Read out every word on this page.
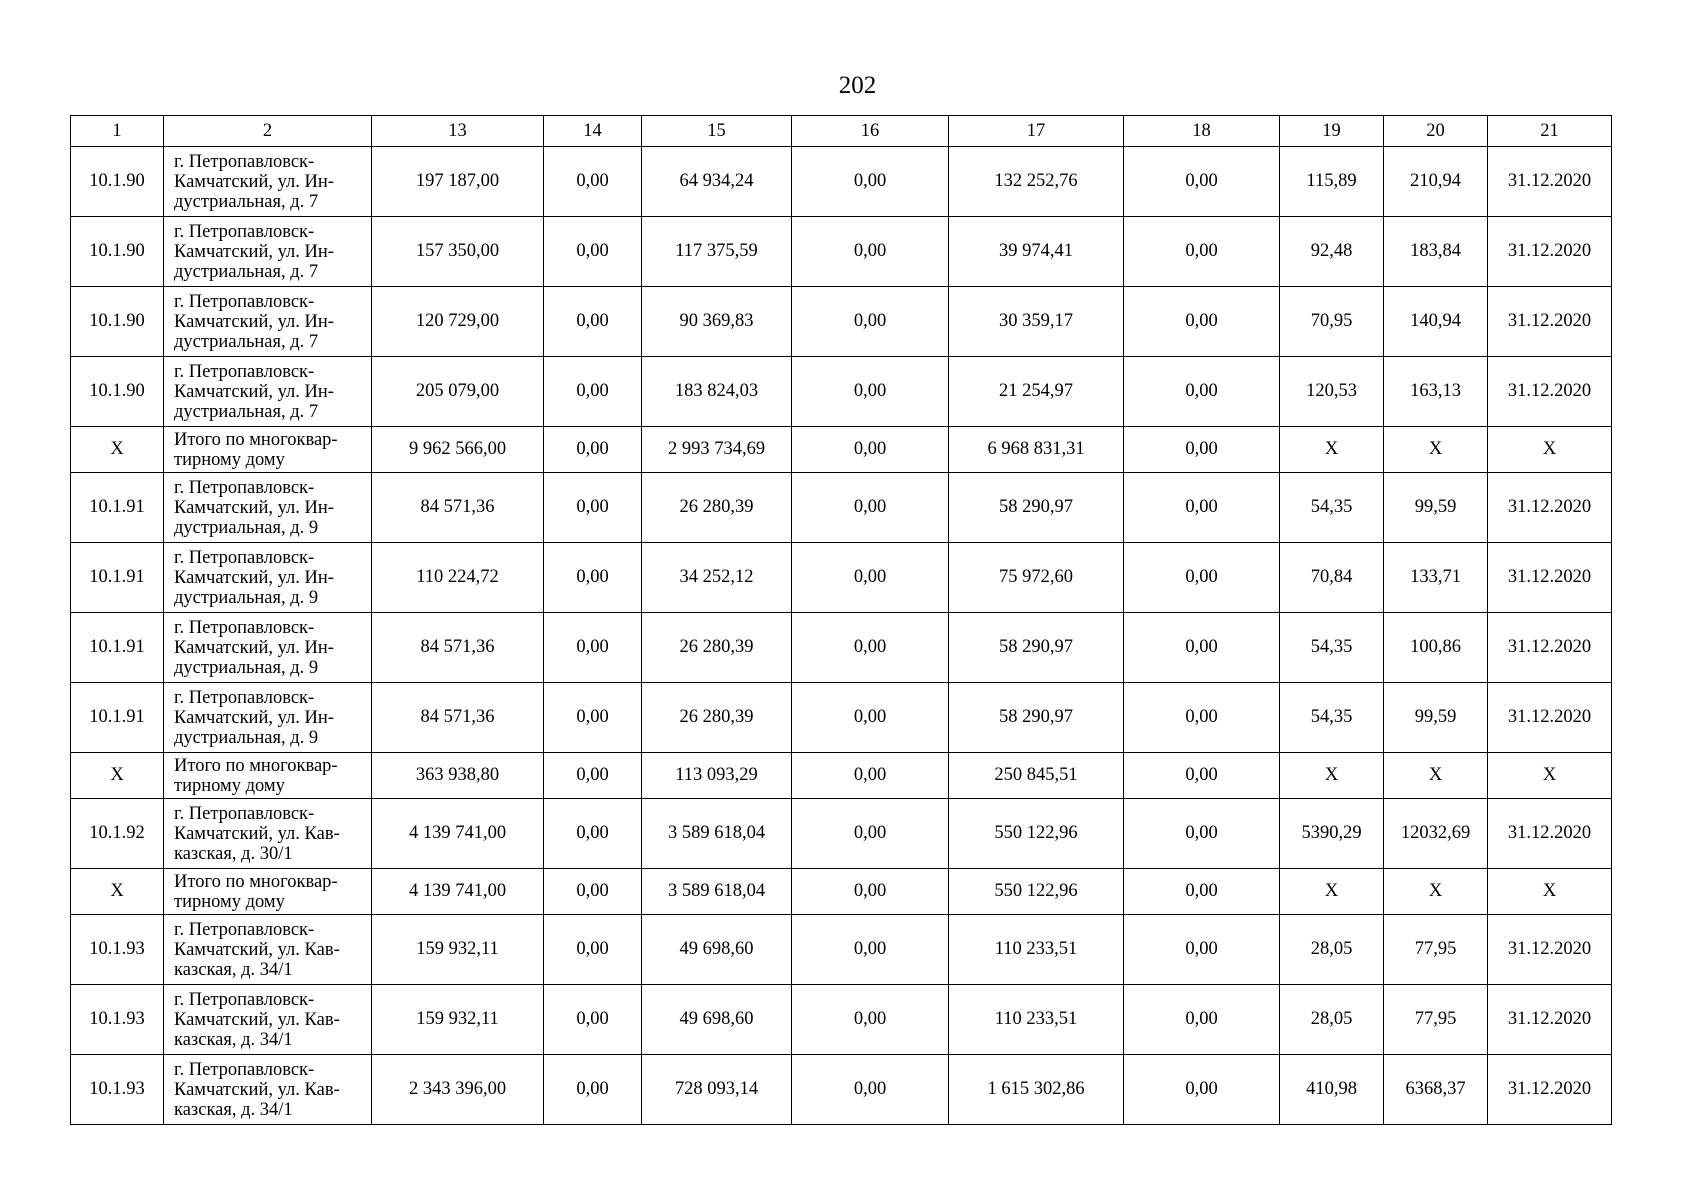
202
1	2	13	14	15	16	17	18	19	20	21
10.1.90	г. Петропавловск-
Камчатский, ул. Ин-
дустриальная, д. 7	197 187,00	0,00	64 934,24	0,00	132 252,76	0,00	115,89	210,94	31.12.2020
10.1.90	г. Петропавловск-
Камчатский, ул. Ин-
дустриальная, д. 7	157 350,00	0,00	117 375,59	0,00	39 974,41	0,00	92,48	183,84	31.12.2020
10.1.90	г. Петропавловск-
Камчатский, ул. Ин-
дустриальная, д. 7	120 729,00	0,00	90 369,83	0,00	30 359,17	0,00	70,95	140,94	31.12.2020
10.1.90	г. Петропавловск-
Камчатский, ул. Ин-
дустриальная, д. 7	205 079,00	0,00	183 824,03	0,00	21 254,97	0,00	120,53	163,13	31.12.2020
Х	Итого по многоквар-
тирному дому	9 962 566,00	0,00	2 993 734,69	0,00	6 968 831,31	0,00	Х	Х	Х
10.1.91	г. Петропавловск-
Камчатский, ул. Ин-
дустриальная, д. 9	84 571,36	0,00	26 280,39	0,00	58 290,97	0,00	54,35	99,59	31.12.2020
10.1.91	г. Петропавловск-
Камчатский, ул. Ин-
дустриальная, д. 9	110 224,72	0,00	34 252,12	0,00	75 972,60	0,00	70,84	133,71	31.12.2020
10.1.91	г. Петропавловск-
Камчатский, ул. Ин-
дустриальная, д. 9	84 571,36	0,00	26 280,39	0,00	58 290,97	0,00	54,35	100,86	31.12.2020
10.1.91	г. Петропавловск-
Камчатский, ул. Ин-
дустриальная, д. 9	84 571,36	0,00	26 280,39	0,00	58 290,97	0,00	54,35	99,59	31.12.2020
Х	Итого по многоквар-
тирному дому	363 938,80	0,00	113 093,29	0,00	250 845,51	0,00	Х	Х	Х
10.1.92	г. Петропавловск-
Камчатский, ул. Кав-
казская, д. 30/1	4 139 741,00	0,00	3 589 618,04	0,00	550 122,96	0,00	5390,29	12032,69	31.12.2020
Х	Итого по многоквар-
тирному дому	4 139 741,00	0,00	3 589 618,04	0,00	550 122,96	0,00	Х	Х	Х
10.1.93	г. Петропавловск-
Камчатский, ул. Кав-
казская, д. 34/1	159 932,11	0,00	49 698,60	0,00	110 233,51	0,00	28,05	77,95	31.12.2020
10.1.93	г. Петропавловск-
Камчатский, ул. Кав-
казская, д. 34/1	159 932,11	0,00	49 698,60	0,00	110 233,51	0,00	28,05	77,95	31.12.2020
10.1.93	г. Петропавловск-
Камчатский, ул. Кав-
казская, д. 34/1	2 343 396,00	0,00	728 093,14	0,00	1 615 302,86	0,00	410,98	6368,37	31.12.2020
